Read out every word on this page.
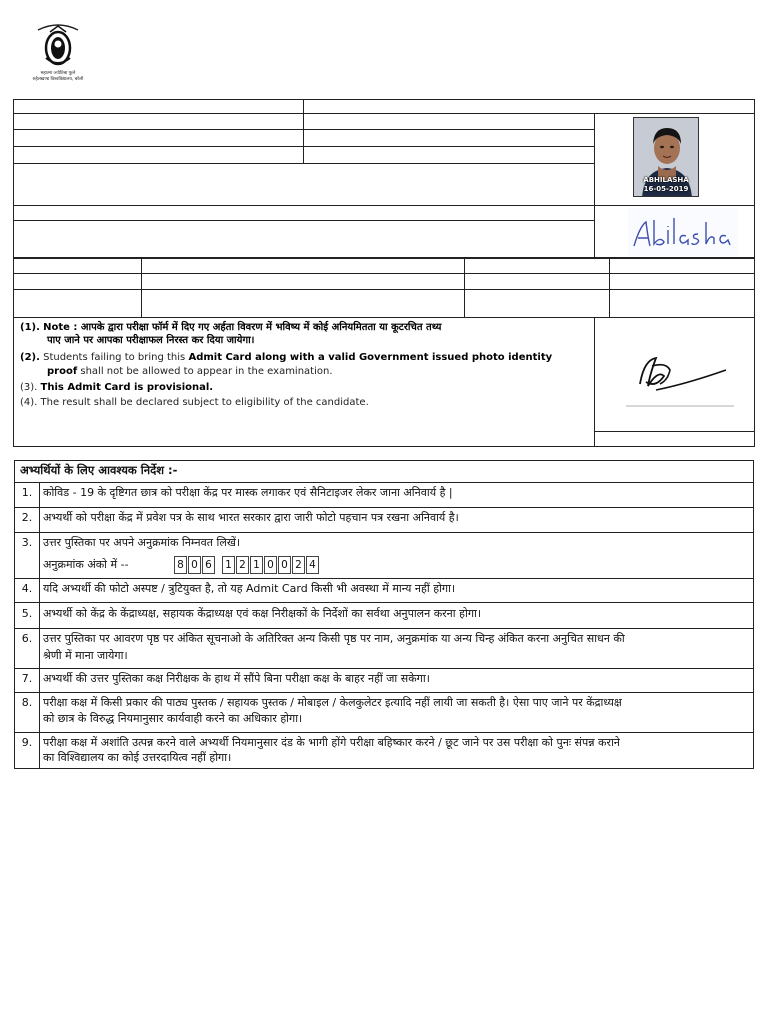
महात्मा ज्योतिबा फुले
रुहेलखण्ड विश्वविद्यालय, बरेली
ABHILASHA
16-05-2019
(1). Note : आपके द्वारा परीक्षा फॉर्म में दिए गए अर्हता विवरण में भविष्य में कोई अनियमितता या कूटरचित तथ्य
पाए जाने पर आपका परीक्षाफल निरस्त कर दिया जायेगा।
(2). Students failing to bring this Admit Card along with a valid Government issued photo identity
proof shall not be allowed to appear in the examination.
(3). This Admit Card is provisional.
(4). The result shall be declared subject to eligibility of the candidate.
अभ्यर्थियों के लिए आवश्यक निर्देश :-
1. कोविड - 19 के दृष्टिगत छात्र को परीक्षा केंद्र पर मास्क लगाकर एवं सैनिटाइजर लेकर जाना अनिवार्य है |
2. अभ्यर्थी को परीक्षा केंद्र में प्रवेश पत्र के साथ भारत सरकार द्वारा जारी फोटो पहचान पत्र रखना अनिवार्य है।
3. उत्तर पुस्तिका पर अपने अनुक्रमांक निम्नवत लिखें।
अनुक्रमांक अंको में --	8 0 6	1 2 1 0 0 2 4
4. यदि अभ्यर्थी की फोटो अस्पष्ट / त्रुटियुक्त है, तो यह Admit Card किसी भी अवस्था में मान्य नहीं होगा।
5. अभ्यर्थी को केंद्र के केंद्राध्यक्ष, सहायक केंद्राध्यक्ष एवं कक्ष निरीक्षकों के निर्देशों का सर्वथा अनुपालन करना होगा।
6. उत्तर पुस्तिका पर आवरण पृष्ठ पर अंकित सूचनाओ के अतिरिक्त अन्य किसी पृष्ठ पर नाम, अनुक्रमांक या अन्य चिन्ह अंकित करना अनुचित साधन की
श्रेणी में माना जायेगा।
7. अभ्यर्थी की उत्तर पुस्तिका कक्ष निरीक्षक के हाथ में सौंपे बिना परीक्षा कक्ष के बाहर नहीं जा सकेगा।
8. परीक्षा कक्ष में किसी प्रकार की पाठ्य पुस्तक / सहायक पुस्तक / मोबाइल / केलकुलेटर इत्यादि नहीं लायी जा सकती है। ऐसा पाए जाने पर केंद्राध्यक्ष
को छात्र के विरुद्ध नियमानुसार कार्यवाही करने का अधिकार होगा।
9. परीक्षा कक्ष में अशांति उत्पन्न करने वाले अभ्यर्थी नियमानुसार दंड के भागी होंगे परीक्षा बहिष्कार करने / छूट जाने पर उस परीक्षा को पुनः संपन्न कराने
का विश्विद्यालय का कोई उत्तरदायित्व नहीं होगा।
